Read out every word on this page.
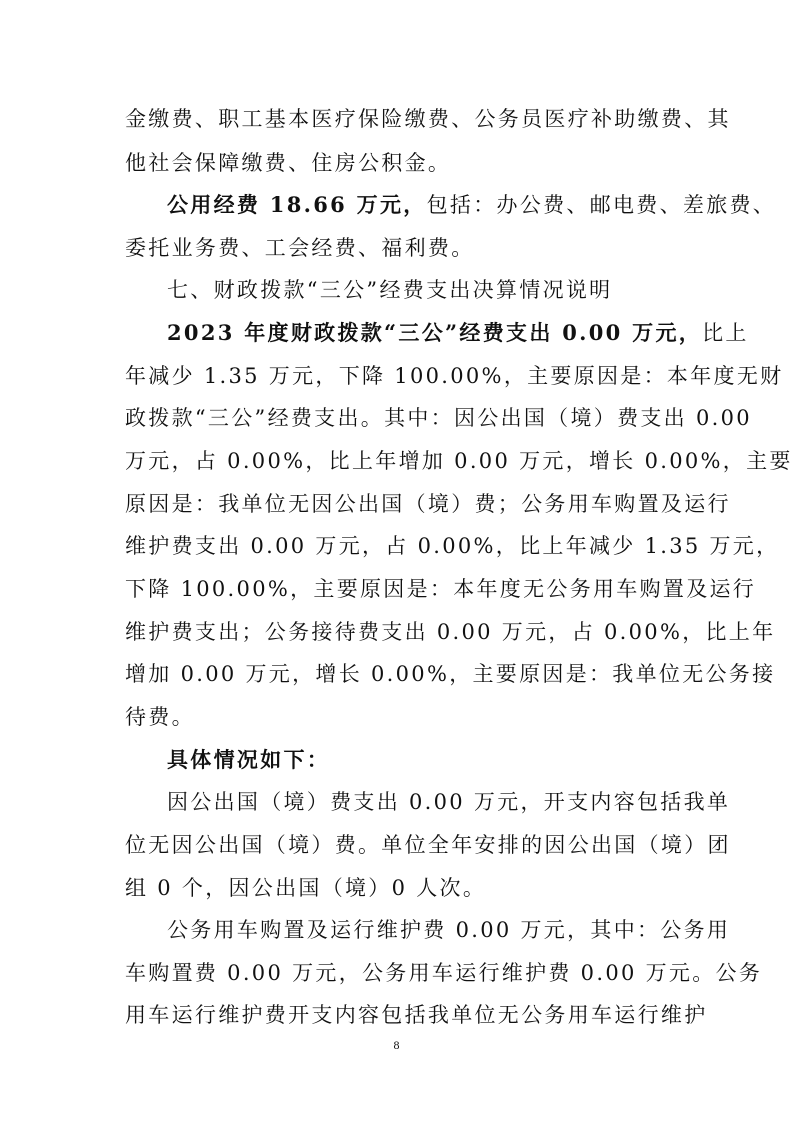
金缴费、职工基本医疗保险缴费、公务员医疗补助缴费、其
他社会保障缴费、住房公积金。
公用经费 18.66 万元，包括：办公费、邮电费、差旅费、
委托业务费、工会经费、福利费。
七、财政拨款“三公”经费支出决算情况说明
2023 年度财政拨款“三公”经费支出 0.00 万元，比上
年减少 1.35 万元，下降 100.00%，主要原因是：本年度无财
政拨款“三公”经费支出。其中：因公出国（境）费支出 0.00
万元，占 0.00%，比上年增加 0.00 万元，增长 0.00%，主要
原因是：我单位无因公出国（境）费；公务用车购置及运行
维护费支出 0.00 万元，占 0.00%，比上年减少 1.35 万元，
下降 100.00%，主要原因是：本年度无公务用车购置及运行
维护费支出；公务接待费支出 0.00 万元，占 0.00%，比上年
增加 0.00 万元，增长 0.00%，主要原因是：我单位无公务接
待费。
具体情况如下：
因公出国（境）费支出 0.00 万元，开支内容包括我单
位无因公出国（境）费。单位全年安排的因公出国（境）团
组 0 个，因公出国（境）0 人次。
公务用车购置及运行维护费 0.00 万元，其中：公务用
车购置费 0.00 万元，公务用车运行维护费 0.00 万元。公务
用车运行维护费开支内容包括我单位无公务用车运行维护
8
